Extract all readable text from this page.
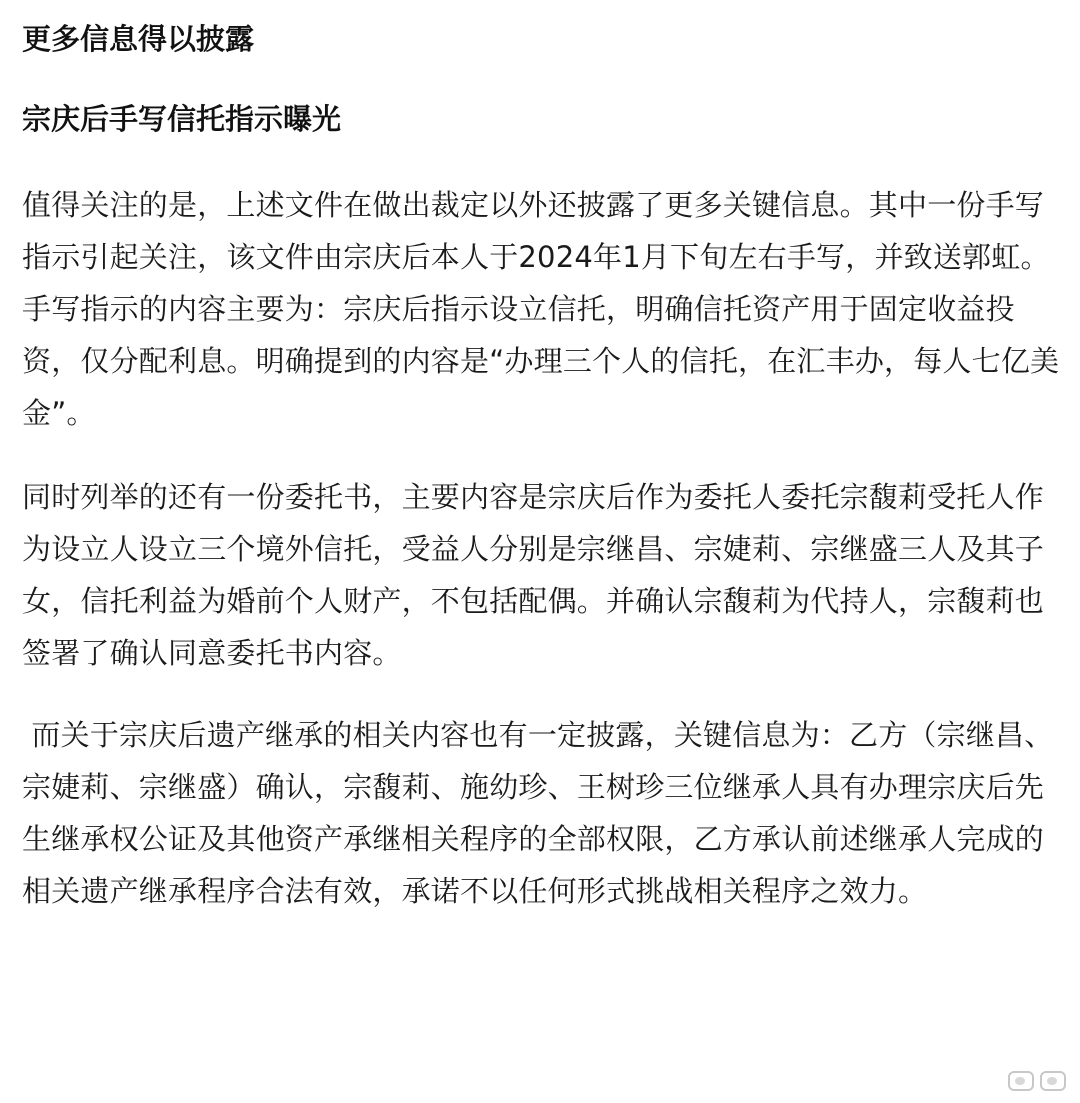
更多信息得以披露
宗庆后手写信托指示曝光

值得关注的是，上述文件在做出裁定以外还披露了更多关键信息。其中一份手写指示引起关注，该文件由宗庆后本人于2024年1月下旬左右手写，并致送郭虹。手写指示的内容主要为：宗庆后指示设立信托，明确信托资产用于固定收益投资，仅分配利息。明确提到的内容是“办理三个人的信托，在汇丰办，每人七亿美金”。

同时列举的还有一份委托书，主要内容是宗庆后作为委托人委托宗馥莉受托人作为设立人设立三个境外信托，受益人分别是宗继昌、宗婕莉、宗继盛三人及其子女，信托利益为婚前个人财产，不包括配偶。并确认宗馥莉为代持人，宗馥莉也签署了确认同意委托书内容。

而关于宗庆后遗产继承的相关内容也有一定披露，关键信息为：乙方（宗继昌、宗婕莉、宗继盛）确认，宗馥莉、施幼珍、王树珍三位继承人具有办理宗庆后先生继承权公证及其他资产承继相关程序的全部权限，乙方承认前述继承人完成的相关遗产继承程序合法有效，承诺不以任何形式挑战相关程序之效力。
